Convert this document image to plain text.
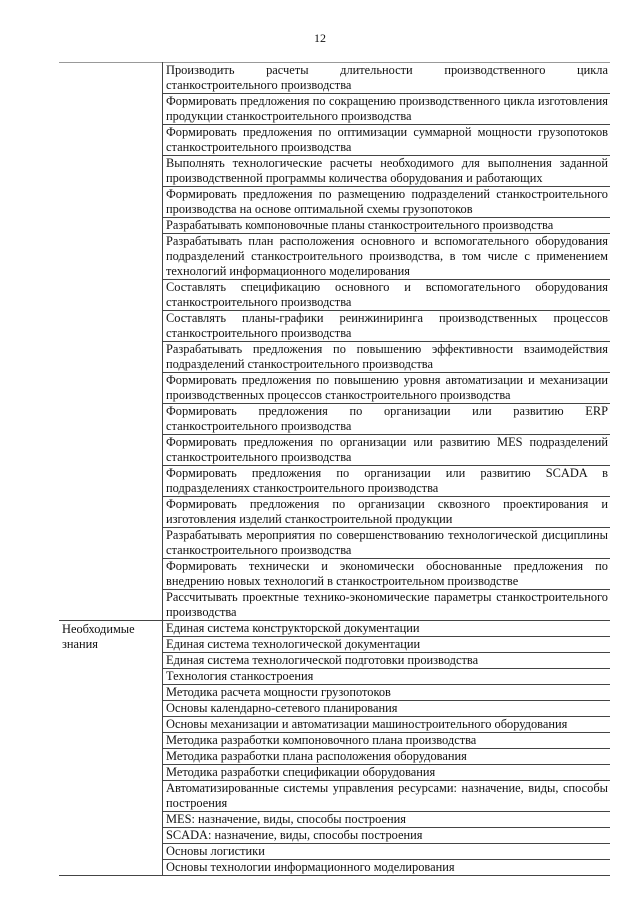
12
	Производить расчеты длительности производственного цикла станкостроительного производства
	Формировать предложения по сокращению производственного цикла изготовления продукции станкостроительного производства
	Формировать предложения по оптимизации суммарной мощности грузопотоков станкостроительного производства
	Выполнять технологические расчеты необходимого для выполнения заданной производственной программы количества оборудования и работающих
	Формировать предложения по размещению подразделений станкостроительного производства на основе оптимальной схемы грузопотоков
	Разрабатывать компоновочные планы станкостроительного производства
	Разрабатывать план расположения основного и вспомогательного оборудования подразделений станкостроительного производства, в том числе с применением технологий информационного моделирования
	Составлять спецификацию основного и вспомогательного оборудования станкостроительного производства
	Составлять планы-графики реинжиниринга производственных процессов станкостроительного производства
	Разрабатывать предложения по повышению эффективности взаимодействия подразделений станкостроительного производства
	Формировать предложения по повышению уровня автоматизации и механизации производственных процессов станкостроительного производства
	Формировать предложения по организации или развитию ERP станкостроительного производства
	Формировать предложения по организации или развитию MES подразделений станкостроительного производства
	Формировать предложения по организации или развитию SCADA в подразделениях станкостроительного производства
	Формировать предложения по организации сквозного проектирования и изготовления изделий станкостроительной продукции
	Разрабатывать мероприятия по совершенствованию технологической дисциплины станкостроительного производства
	Формировать технически и экономически обоснованные предложения по внедрению новых технологий в станкостроительном производстве
	Рассчитывать проектные технико-экономические параметры станкостроительного производства
Необходимые знания	Единая система конструкторской документации
	Единая система технологической документации
	Единая система технологической подготовки производства
	Технология станкостроения
	Методика расчета мощности грузопотоков
	Основы календарно-сетевого планирования
	Основы механизации и автоматизации машиностроительного оборудования
	Методика разработки компоновочного плана производства
	Методика разработки плана расположения оборудования
	Методика разработки спецификации оборудования
	Автоматизированные системы управления ресурсами: назначение, виды, способы построения
	MES: назначение, виды, способы построения
	SCADA: назначение, виды, способы построения
	Основы логистики
	Основы технологии информационного моделирования
